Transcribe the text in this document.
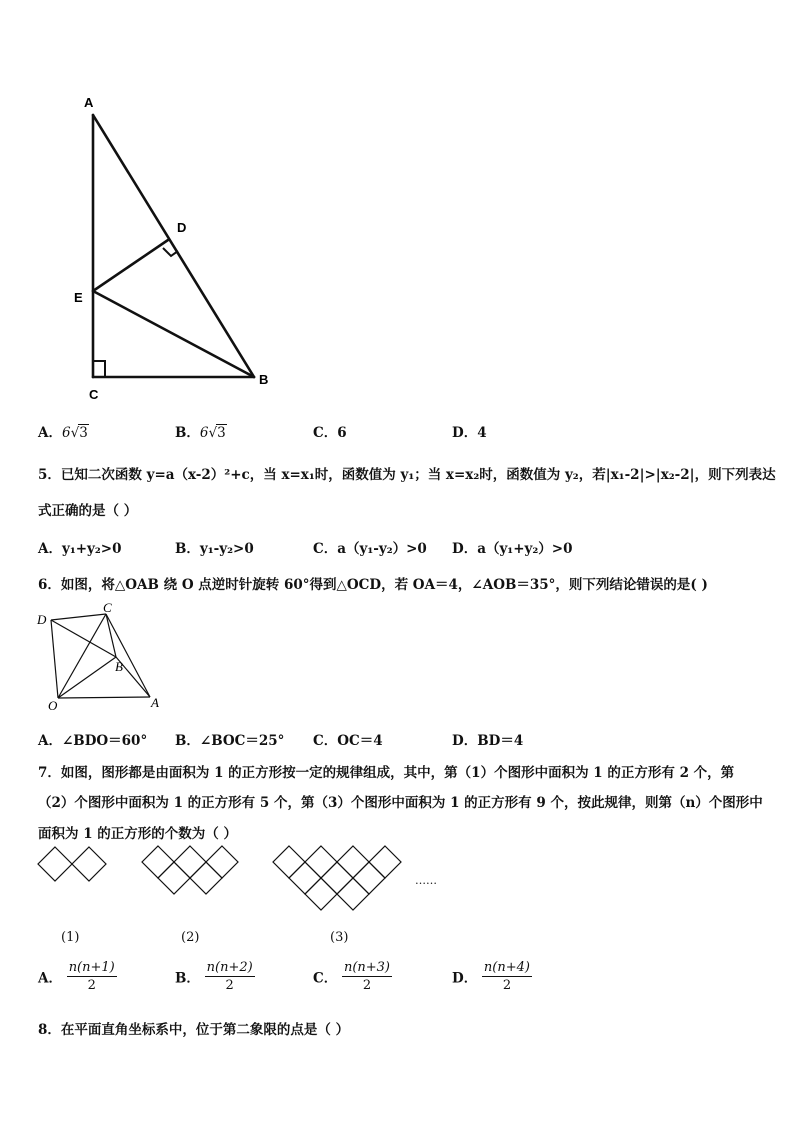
A
D
E
C
B
A．6√3	B．6√3	C．6	D．4
5．已知二次函数 y=a（x-2）²+c，当 x=x₁时，函数值为 y₁；当 x=x₂时，函数值为 y₂，若|x₁-2|>|x₂-2|，则下列表达
式正确的是（ ）
A．y₁+y₂>0	B．y₁-y₂>0	C．a（y₁-y₂）>0 D．a（y₁+y₂）>0
6．如图，将△OAB 绕 O 点逆时针旋转 60°得到△OCD，若 OA＝4，∠AOB＝35°，则下列结论错误的是( )
D
C
B
O	A
A．∠BDO＝60° B．∠BOC＝25° C．OC＝4	D．BD＝4
7．如图，图形都是由面积为 1 的正方形按一定的规律组成，其中，第（1）个图形中面积为 1 的正方形有 2 个，第
（2）个图形中面积为 1 的正方形有 5 个，第（3）个图形中面积为 1 的正方形有 9 个，按此规律，则第（n）个图形中
面积为 1 的正方形的个数为（ ）
……
(1)	(2)	(3)
A． $\frac{n(n+1)}{2}$	B． $\frac{n(n+2)}{2}$	C． $\frac{n(n+3)}{2}$	D． $\frac{n(n+4)}{2}$
8．在平面直角坐标系中，位于第二象限的点是（ ）
